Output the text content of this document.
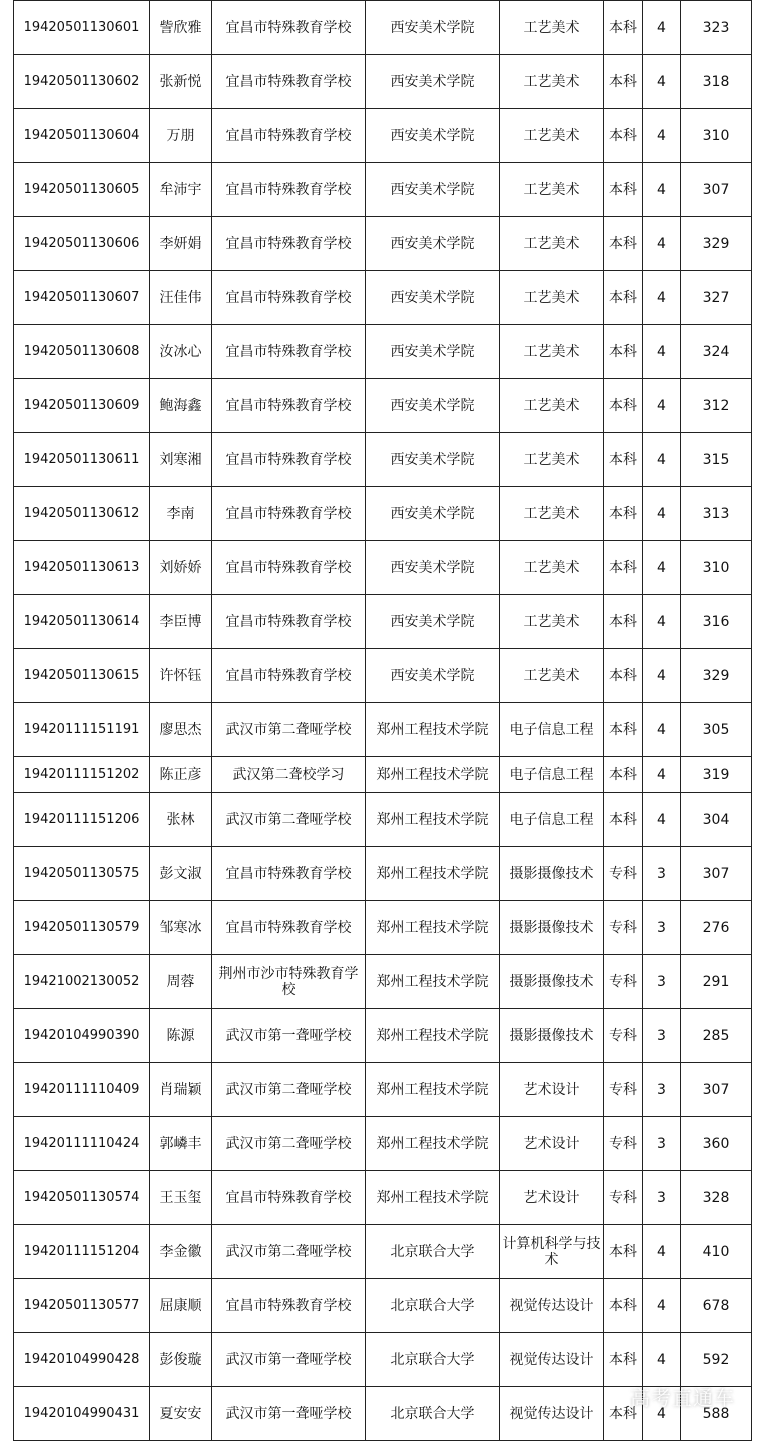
19420501130601	訾欣雅	宜昌市特殊教育学校	西安美术学院	工艺美术	本科	4	323
19420501130602	张新悦	宜昌市特殊教育学校	西安美术学院	工艺美术	本科	4	318
19420501130604	万朋	宜昌市特殊教育学校	西安美术学院	工艺美术	本科	4	310
19420501130605	牟沛宇	宜昌市特殊教育学校	西安美术学院	工艺美术	本科	4	307
19420501130606	李妍娟	宜昌市特殊教育学校	西安美术学院	工艺美术	本科	4	329
19420501130607	汪佳伟	宜昌市特殊教育学校	西安美术学院	工艺美术	本科	4	327
19420501130608	汝冰心	宜昌市特殊教育学校	西安美术学院	工艺美术	本科	4	324
19420501130609	鲍海鑫	宜昌市特殊教育学校	西安美术学院	工艺美术	本科	4	312
19420501130611	刘寒湘	宜昌市特殊教育学校	西安美术学院	工艺美术	本科	4	315
19420501130612	李南	宜昌市特殊教育学校	西安美术学院	工艺美术	本科	4	313
19420501130613	刘娇娇	宜昌市特殊教育学校	西安美术学院	工艺美术	本科	4	310
19420501130614	李臣博	宜昌市特殊教育学校	西安美术学院	工艺美术	本科	4	316
19420501130615	许怀钰	宜昌市特殊教育学校	西安美术学院	工艺美术	本科	4	329
19420111151191	廖思杰	武汉市第二聋哑学校	郑州工程技术学院	电子信息工程	本科	4	305
19420111151202	陈正彦	武汉第二聋校学习	郑州工程技术学院	电子信息工程	本科	4	319
19420111151206	张林	武汉市第二聋哑学校	郑州工程技术学院	电子信息工程	本科	4	304
19420501130575	彭文淑	宜昌市特殊教育学校	郑州工程技术学院	摄影摄像技术	专科	3	307
19420501130579	邹寒冰	宜昌市特殊教育学校	郑州工程技术学院	摄影摄像技术	专科	3	276
19421002130052	周蓉	荆州市沙市特殊教育学校	郑州工程技术学院	摄影摄像技术	专科	3	291
19420104990390	陈源	武汉市第一聋哑学校	郑州工程技术学院	摄影摄像技术	专科	3	285
19420111110409	肖瑞颖	武汉市第二聋哑学校	郑州工程技术学院	艺术设计	专科	3	307
19420111110424	郭嶙丰	武汉市第二聋哑学校	郑州工程技术学院	艺术设计	专科	3	360
19420501130574	王玉玺	宜昌市特殊教育学校	郑州工程技术学院	艺术设计	专科	3	328
19420111151204	李金徽	武汉市第二聋哑学校	北京联合大学	计算机科学与技术	本科	4	410
19420501130577	屈康顺	宜昌市特殊教育学校	北京联合大学	视觉传达设计	本科	4	678
19420104990428	彭俊璇	武汉市第一聋哑学校	北京联合大学	视觉传达设计	本科	4	592
19420104990431	夏安安	武汉市第一聋哑学校	北京联合大学	视觉传达设计	本科	4	588
高考直通车
